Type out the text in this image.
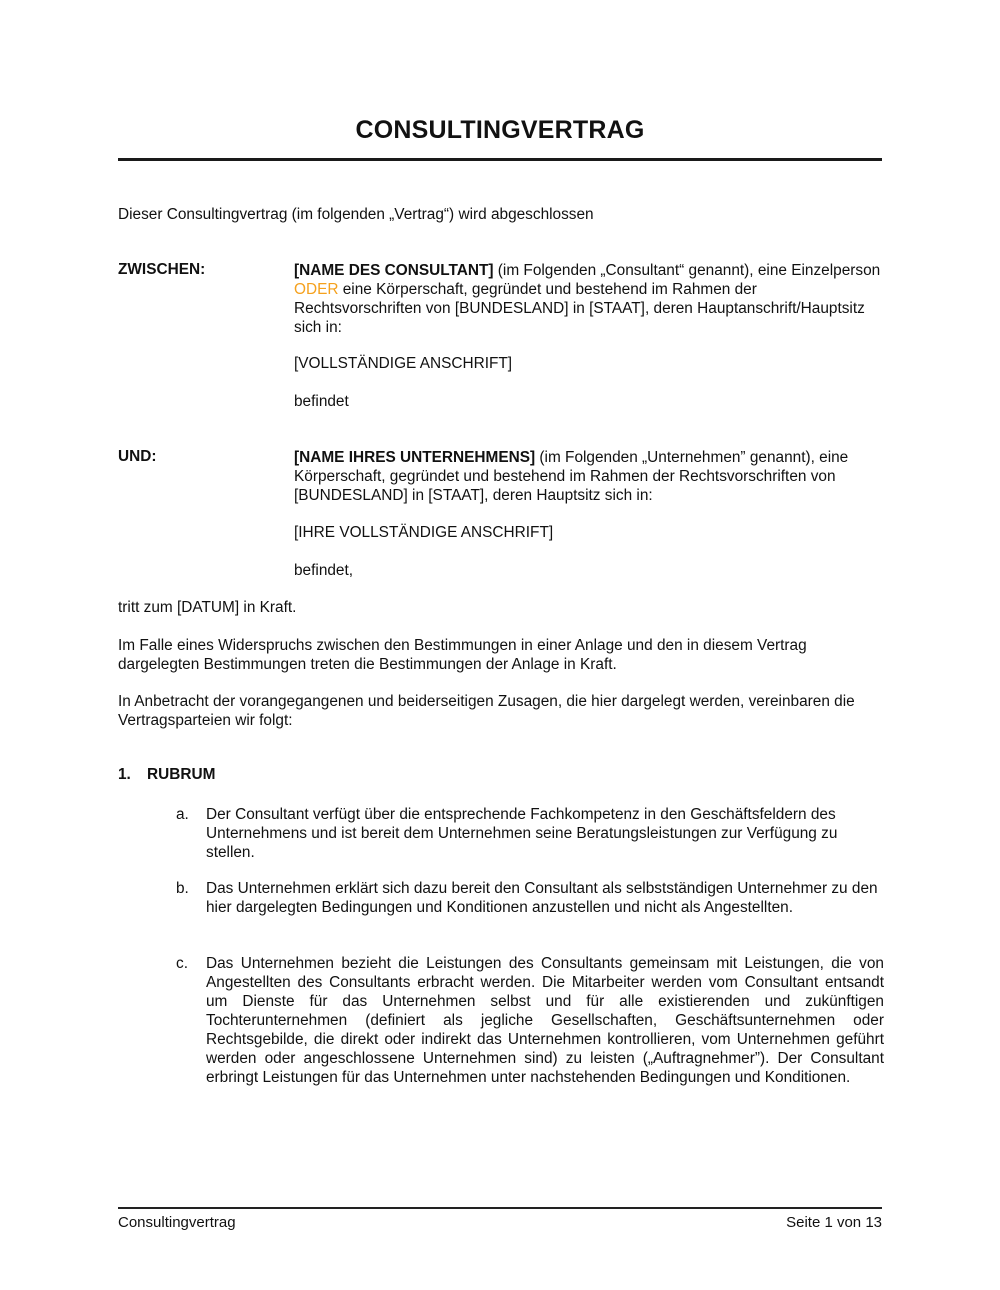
CONSULTINGVERTRAG

Dieser Consultingvertrag (im folgenden „Vertrag“) wird abgeschlossen

ZWISCHEN:	[NAME DES CONSULTANT] (im Folgenden „Consultant“ genannt), eine Einzelperson ODER eine Körperschaft, gegründet und bestehend im Rahmen der Rechtsvorschriften von [BUNDESLAND] in [STAAT], deren Hauptanschrift/Hauptsitz sich in:

[VOLLSTÄNDIGE ANSCHRIFT]

befindet

UND:	[NAME IHRES UNTERNEHMENS] (im Folgenden „Unternehmen” genannt), eine Körperschaft, gegründet und bestehend im Rahmen der Rechtsvorschriften von [BUNDESLAND] in [STAAT], deren Hauptsitz sich in:

[IHRE VOLLSTÄNDIGE ANSCHRIFT]

befindet,

tritt zum [DATUM] in Kraft.

Im Falle eines Widerspruchs zwischen den Bestimmungen in einer Anlage und den in diesem Vertrag dargelegten Bestimmungen treten die Bestimmungen der Anlage in Kraft.

In Anbetracht der vorangegangenen und beiderseitigen Zusagen, die hier dargelegt werden, vereinbaren die Vertragsparteien wir folgt:

1. RUBRUM
a. Der Consultant verfügt über die entsprechende Fachkompetenz in den Geschäftsfeldern des Unternehmens und ist bereit dem Unternehmen seine Beratungsleistungen zur Verfügung zu stellen.
b. Das Unternehmen erklärt sich dazu bereit den Consultant als selbstständigen Unternehmer zu den hier dargelegten Bedingungen und Konditionen anzustellen und nicht als Angestellten.
c. Das Unternehmen bezieht die Leistungen des Consultants gemeinsam mit Leistungen, die von Angestellten des Consultants erbracht werden. Die Mitarbeiter werden vom Consultant entsandt um Dienste für das Unternehmen selbst und für alle existierenden und zukünftigen Tochterunternehmen (definiert als jegliche Gesellschaften, Geschäftsunternehmen oder Rechtsgebilde, die direkt oder indirekt das Unternehmen kontrollieren, vom Unternehmen geführt werden oder angeschlossene Unternehmen sind) zu leisten („Auftragnehmer”). Der Consultant erbringt Leistungen für das Unternehmen unter nachstehenden Bedingungen und Konditionen.
Consultingvertrag	Seite 1 von 13
